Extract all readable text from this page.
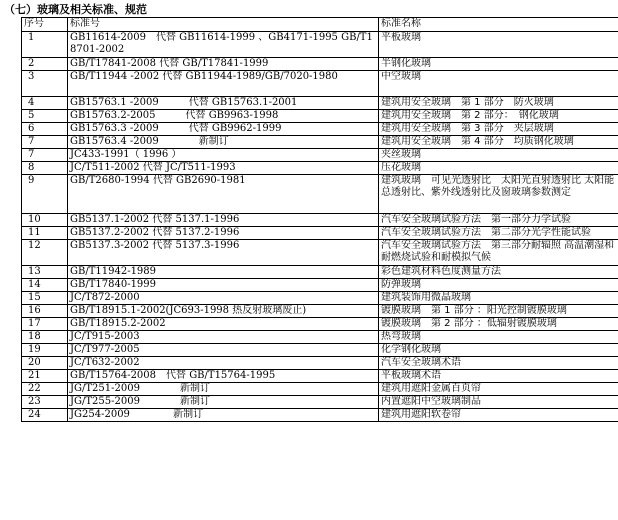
（七）玻璃及相关标准、规范
序号	标准号	标准名称
1	GB11614-2009　代替 GB11614-1999 、GB4171-1995 GB/T18701-2002	平板玻璃
2	GB/T17841-2008 代替 GB/T17841-1999	半钢化玻璃
3	GB/T11944 -2002 代替 GB11944-1989/GB/7020-1980	中空玻璃
4	GB15763.1 -2009　　　代替 GB15763.1-2001	建筑用安全玻璃　第 1 部分　防火玻璃
5	GB15763.2-2005　　　代替 GB9963-1998	建筑用安全玻璃　第 2 部分：　钢化玻璃
6	GB15763.3 -2009　　　代替 GB9962-1999	建筑用安全玻璃　第 3 部分　夹层玻璃
7	GB15763.4 -2009　　　　新制订	建筑用安全玻璃　第 4 部分　均质钢化玻璃
7	JC433-1991（ 1996 ）	夹丝玻璃
8	JC/T511-2002 代替 JC/T511-1993	压花玻璃
9	GB/T2680-1994 代替 GB2690-1981	建筑玻璃　可见光透射比　太阳光直射透射比 太阳能总透射比、紫外线透射比及窗玻璃参数测定
10	GB5137.1-2002 代替 5137.1-1996	汽车安全玻璃试验方法　第一部分力学试验
11	GB5137.2-2002 代替 5137.2-1996	汽车安全玻璃试验方法　第二部分光学性能试验
12	GB5137.3-2002 代替 5137.3-1996	汽车安全玻璃试验方法　第三部分耐辐照 高温潮湿和耐燃烧试验和耐模拟气候
13	GB/T11942-1989	彩色建筑材料色度测量方法
14	GB/T17840-1999	防弹玻璃
15	JC/T872-2000	建筑装饰用微晶玻璃
16	GB/T18915.1-2002(JC693-1998 热反射玻璃废止)	镀膜玻璃　第 1 部分 ：阳光控制镀膜玻璃
17	GB/T18915.2-2002	镀膜玻璃　第 2 部分 ：低辐射镀膜玻璃
18	JC/T915-2003	热弯玻璃
19	JC/T977-2005	化学钢化玻璃
20	JC/T632-2002	汽车安全玻璃术语
21	GB/T15764-2008　代替 GB/T15764-1995	平板玻璃术语
22	JG/T251-2009　　　　新制订	建筑用遮阳金属百页帘
23	JG/T255-2009　　　　新制订	内置遮阳中空玻璃制品
24	JG254-2009　　　　 新制订	建筑用遮阳软卷帘
